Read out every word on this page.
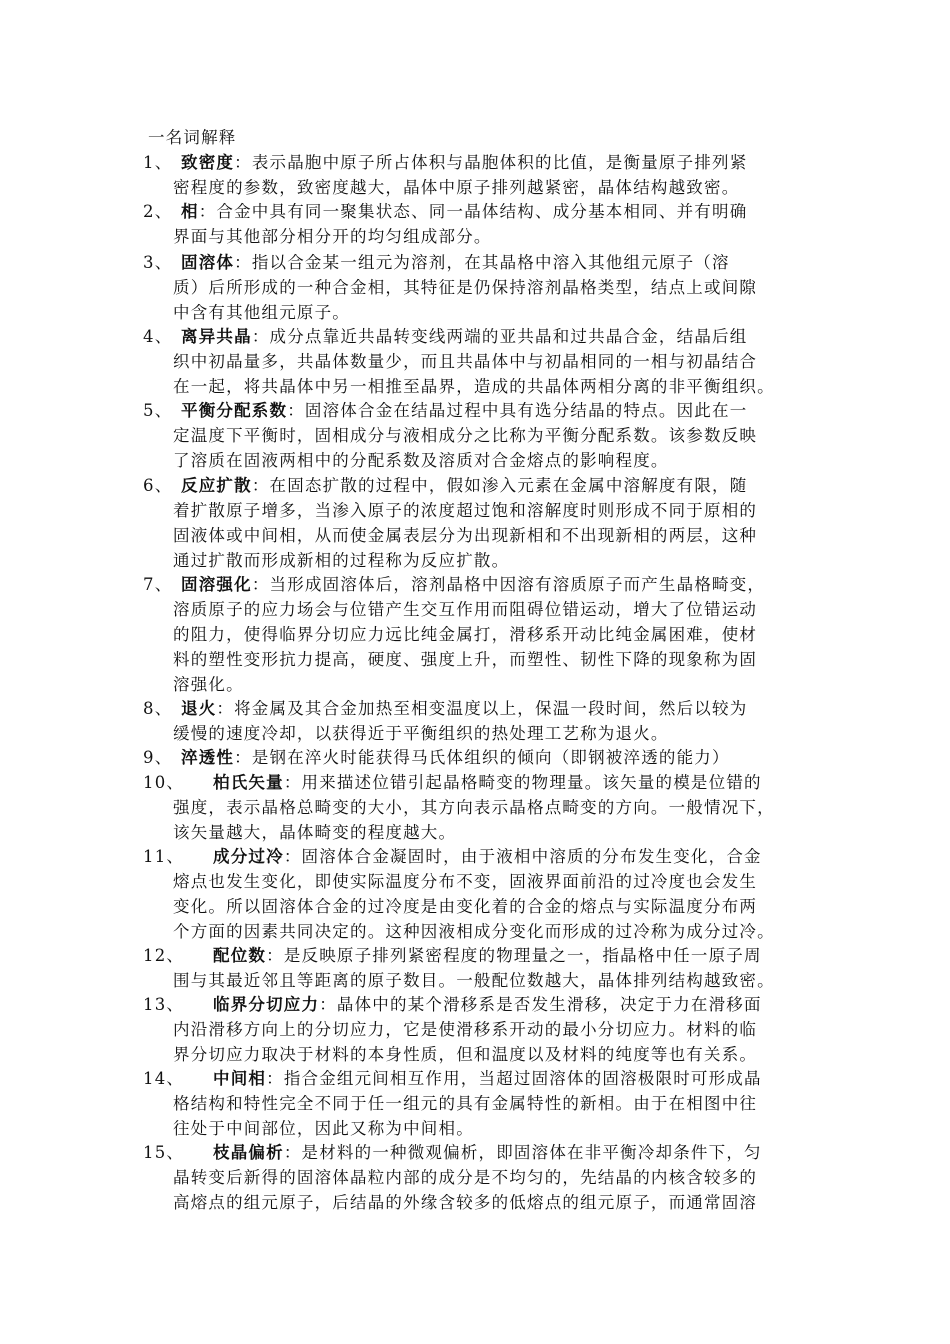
一名词解释
1、 致密度：表示晶胞中原子所占体积与晶胞体积的比值，是衡量原子排列紧
密程度的参数，致密度越大，晶体中原子排列越紧密，晶体结构越致密。
2、 相：合金中具有同一聚集状态、同一晶体结构、成分基本相同、并有明确
界面与其他部分相分开的均匀组成部分。
3、 固溶体：指以合金某一组元为溶剂，在其晶格中溶入其他组元原子（溶
质）后所形成的一种合金相，其特征是仍保持溶剂晶格类型，结点上或间隙
中含有其他组元原子。
4、 离异共晶：成分点靠近共晶转变线两端的亚共晶和过共晶合金，结晶后组
织中初晶量多，共晶体数量少，而且共晶体中与初晶相同的一相与初晶结合
在一起，将共晶体中另一相推至晶界，造成的共晶体两相分离的非平衡组织。
5、 平衡分配系数：固溶体合金在结晶过程中具有选分结晶的特点。因此在一
定温度下平衡时，固相成分与液相成分之比称为平衡分配系数。该参数反映
了溶质在固液两相中的分配系数及溶质对合金熔点的影响程度。
6、 反应扩散：在固态扩散的过程中，假如渗入元素在金属中溶解度有限，随
着扩散原子增多，当渗入原子的浓度超过饱和溶解度时则形成不同于原相的
固液体或中间相，从而使金属表层分为出现新相和不出现新相的两层，这种
通过扩散而形成新相的过程称为反应扩散。
7、 固溶强化：当形成固溶体后，溶剂晶格中因溶有溶质原子而产生晶格畸变，
溶质原子的应力场会与位错产生交互作用而阻碍位错运动，增大了位错运动
的阻力，使得临界分切应力远比纯金属打，滑移系开动比纯金属困难，使材
料的塑性变形抗力提高，硬度、强度上升，而塑性、韧性下降的现象称为固
溶强化。
8、 退火：将金属及其合金加热至相变温度以上，保温一段时间，然后以较为
缓慢的速度冷却，以获得近于平衡组织的热处理工艺称为退火。
9、 淬透性：是钢在淬火时能获得马氏体组织的倾向（即钢被淬透的能力）
10、 柏氏矢量：用来描述位错引起晶格畸变的物理量。该矢量的模是位错的
强度，表示晶格总畸变的大小，其方向表示晶格点畸变的方向。一般情况下，
该矢量越大，晶体畸变的程度越大。
11、 成分过冷：固溶体合金凝固时，由于液相中溶质的分布发生变化，合金
熔点也发生变化，即使实际温度分布不变，固液界面前沿的过冷度也会发生
变化。所以固溶体合金的过冷度是由变化着的合金的熔点与实际温度分布两
个方面的因素共同决定的。这种因液相成分变化而形成的过冷称为成分过冷。
12、 配位数：是反映原子排列紧密程度的物理量之一，指晶格中任一原子周
围与其最近邻且等距离的原子数目。一般配位数越大，晶体排列结构越致密。
13、 临界分切应力：晶体中的某个滑移系是否发生滑移，决定于力在滑移面
内沿滑移方向上的分切应力，它是使滑移系开动的最小分切应力。材料的临
界分切应力取决于材料的本身性质，但和温度以及材料的纯度等也有关系。
14、 中间相：指合金组元间相互作用，当超过固溶体的固溶极限时可形成晶
格结构和特性完全不同于任一组元的具有金属特性的新相。由于在相图中往
往处于中间部位，因此又称为中间相。
15、 枝晶偏析：是材料的一种微观偏析，即固溶体在非平衡冷却条件下，匀
晶转变后新得的固溶体晶粒内部的成分是不均匀的，先结晶的内核含较多的
高熔点的组元原子，后结晶的外缘含较多的低熔点的组元原子，而通常固溶
